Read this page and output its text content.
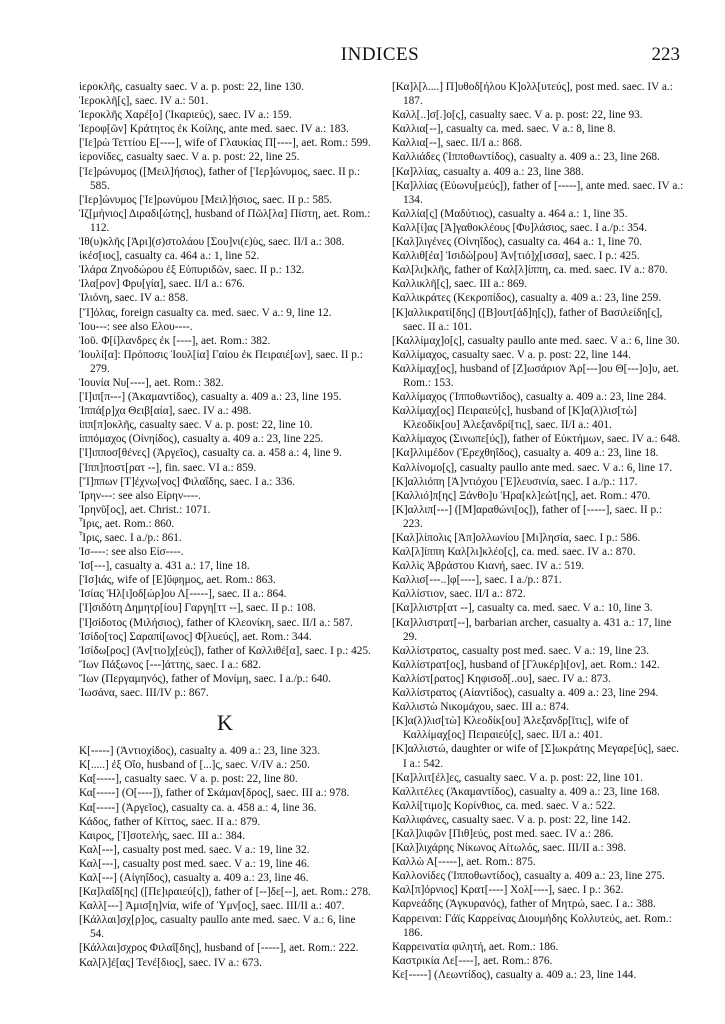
INDICES	223

ἱεροκλῆς, casualty saec. V a. p. post: 22, line 130.

Ἱεροκλῆ[ς], saec. IV a.: 501.

Ἱεροκλῆς Χαρέ[ο] (Ἰκαριεύς), saec. IV a.: 159.

Ἱεροφ[ῶν] Κράτητος ἐκ Κοίλης, ante med. saec. IV a.: 183.

[Ἱε]ρὼ Τεττίου Ε[----], wife of Γλαυκίας Π[----], aet. Rom.: 599.

ἱερονίδες, casualty saec. V a. p. post: 22, line 25.

[Ἱε]ρώνυμος ([Μειλ]ήσιος), father of [Ἱερ]ώνυμος, saec. II p.: 585.

[Ἱερ]ώνυμος [Ἱε]ρωνύμου [Μειλ]ήσιος, saec. II p.: 585.

Ἱζ[μήνιος] Διραδι[ώτης], husband of Πῶλ[λα] Πίστη, aet. Rom.: 112.

Ἰθ(υ)κλῆς [Ἀρι](σ)στολάου [Σου]νι(ε)ὺς, saec. II/I a.: 308.

ἱκέσ[ιος], casualty ca. 464 a.: 1, line 52.

Ἱλάρα Ζηνοδώρου ἐξ Εὐπυριδῶν, saec. II p.: 132.

Ἰλα[ρον] Φρυ[γία], saec. II/I a.: 676.

Ἰλιόνη, saec. IV a.: 858.

[Ἴ]όλας, foreign casualty ca. med. saec. V a.: 9, line 12.

Ἰου---: see also Ελου----.

Ἰοῦ. Φ[ί]λανδρες ἐκ [----], aet. Rom.: 382.

Ἰουλί[α]: Πρόποσις Ἰουλ[ία] Γαίου ἐκ Πειραιέ[ων], saec. II p.: 279.

Ἰουνία Νυ[----], aet. Rom.: 382.

[Ἱ]ιπ[π---] (Ἀκαμαντίδος), casualty a. 409 a.: 23, line 195.

Ἱππά[ρ]χα Θειβ[αία], saec. IV a.: 498.

ἱππ[π]οκλῆς, casualty saec. V a. p. post: 22, line 10.

ἱππόμαχος (Οἰνηίδος), casualty a. 409 a.: 23, line 225.

[Ἱ]ιπποσ[θένες] (Ἀργεῖος), casualty ca. a. 458 a.: 4, line 9.

[Ἱππ]ποστ[ρατ --], fin. saec. VI a.: 859.

[Ἵ]ππων [Τ]έχνω[νος] Φιλαΐδης, saec. I a.: 336.

Ἰρην---: see also Εἰρην----.

Ἰρηνῦ[ος], aet. Christ.: 1071.

Ἶρις, aet. Rom.: 860.

Ἶρις, saec. I a./p.: 861.

Ἰσ----: see also Εἰσ----.

Ἰσ[---], casualty a. 431 a.: 17, line 18.

[Ἰσ]ιάς, wife of [Ε]ὔφημος, aet. Rom.: 863.

Ἰσίας Ἡλ[ι]οδ[ώρ]ου Λ[-----], saec. II a.: 864.

[Ἰ]σιδότη Δημητρ[ίου] Γαργη[ττ --], saec. II p.: 108.

[Ἰ]σίδοτος (Μιλήσιος), father of Κλεονίκη, saec. II/I a.: 587.

Ἰσίδο[τος] Σαραπί[ωνος] Φ[λυεύς], aet. Rom.: 344.

Ἰσίδω[ρος] (Ἀν[τιο]χ[εύς]), father of Καλλιθέ[α], saec. I p.: 425.

Ἴων Πάξωνος [---]άττης, saec. I a.: 682.

Ἴων (Περγαμηνός), father of Μονίμη, saec. I a./p.: 640.

Ἰωσάνα, saec. III/IV p.: 867.

K

Κ[-----] (Ἀντιοχίδος), casualty a. 409 a.: 23, line 323.

Κ[.....] ἐξ Οἴο, husband of [...]ς, saec. V/IV a.: 250.

Κα[-----], casualty saec. V a. p. post: 22, line 80.

Κα[-----] (Ο[----]), father of Σκάμαν[δρος], saec. III a.: 978.

Κα[-----] (Ἀργεῖος), casualty ca. a. 458 a.: 4, line 36.

Κάδος, father of Κίττος, saec. II a.: 879.

Καιρος, [Ἰ]σοτελής, saec. III a.: 384.

Καλ[---], casualty post med. saec. V a.: 19, line 32.

Καλ[---], casualty post med. saec. V a.: 19, line 46.

Καλ[---] (Αἰγηΐδος), casualty a. 409 a.: 23, line 46.

[Κα]λαΐδ[ης] ([Πε]ιραιεύ[ς]), father of [--]δε[--], aet. Rom.: 278.

Καλλ[---] Ἀμισ[η]νία, wife of Ὑμν[ος], saec. III/II a.: 407.

[Κάλλαι]σχ[ρ]ος, casualty paullo ante med. saec. V a.: 6, line 54.

[Κάλλαι]σχρος Φιλαΐ[δης], husband of [-----], aet. Rom.: 222.

Καλ[λ]έ[ας] Τενέ[διος], saec. IV a.: 673.

[Κα]λ[λ....] Π]υθοδ[ήλου Κ]ολλ[υτεύς], post med. saec. IV a.: 187.

Καλλ[..]σ[.]ο[ς], casualty saec. V a. p. post: 22, line 93.

Καλλια[--], casualty ca. med. saec. V a.: 8, line 8.

Καλλια[--], saec. II/I a.: 868.

Καλλιάδες (Ἱπποθωντίδος), casualty a. 409 a.: 23, line 268.

[Κα]λλίας, casualty a. 409 a.: 23, line 388.

[Κα]λλίας (Εὐωνυ[μεύς]), father of [-----], ante med. saec. IV a.: 134.

Καλλία[ς] (Μαδύτιος), casualty a. 464 a.: 1, line 35.

Καλλ[ί]ας [Ἀ]γαθοκλέους [Φυ]λάσιος, saec. I a./p.: 354.

[Καλ]λιγένες (Οἰνηΐδος), casualty ca. 464 a.: 1, line 70.

Καλλιθ[έα] Ἰσιδώ[ρου] Ἀν[τιό]χ[ισσα], saec. I p.: 425.

Καλ[λι]κλῆς, father of Καλ[λ]ίππη, ca. med. saec. IV a.: 870.

Καλλικλῆ[ς], saec. III a.: 869.

Καλλικράτες (Κεκροπίδος), casualty a. 409 a.: 23, line 259.

[Κ]αλλικρατί[δης] ([Β]ουτ[άδ]η[ς]), father of Βασιλείδη[ς], saec. II a.: 101.

[Καλλίμαχ]ο[ς], casualty paullo ante med. saec. V a.: 6, line 30.

Καλλίμαχος, casualty saec. V a. p. post: 22, line 144.

Καλλίμαχ[ος], husband of [Ζ]ωσάριον Ἀρ[---]ου Θ[---]ο]υ, aet. Rom.: 153.

Καλλίμαχος (Ἱπποθωντίδος), casualty a. 409 a.: 23, line 284.

Καλλίμαχ[ος] Πειραιεύ[ς], husband of [Κ]α(λ)λισ[τὼ] Κλεοδίκ[ου] Ἀλεξανδρί[τις], saec. II/I a.: 401.

Καλλίμαχος (Σινωπε[ύς]), father of Εὐκτήμων, saec. IV a.: 648.

[Κα]λλιμέδον (Ἐρεχθηΐδος), casualty a. 409 a.: 23, line 18.

Καλλίνομο[ς], casualty paullo ante med. saec. V a.: 6, line 17.

[Κ]αλλιόπη [Ἀ]ντιόχου [Ἐ]λευσινία, saec. I a./p.: 117.

[Καλλιό]π[ης] Ξάνθο]υ Ἡρα[κλ]εώτ[ης], aet. Rom.: 470.

[Κ]αλλιπ[---] ([Μ]αραθώνι[ος]), father of [-----], saec. II p.: 223.

[Καλ]λίπολις [Ἀπ]ολλωνίου [Μι]λησία, saec. I p.: 586.

Καλ[λ]ίππη Καλ[λι]κλέο[ς], ca. med. saec. IV a.: 870.

Καλλὶς Ἀβράστου Κιανή, saec. IV a.: 519.

Καλλισ[---..]φ[----], saec. I a./p.: 871.

Καλλίστιον, saec. II/I a.: 872.

[Κα]λλιστρ[ατ --], casualty ca. med. saec. V a.: 10, line 3.

[Κα]λλιστρατ[--], barbarian archer, casualty a. 431 a.: 17, line 29.

Καλλίστρατος, casualty post med. saec. V a.: 19, line 23.

Καλλίστρατ[ος], husband of [Γλυκέρ]ι[ον], aet. Rom.: 142.

Καλλίστ[ρατος] Κηφισοδ[..ου], saec. IV a.: 873.

Καλλίστρατος (Αἰαντίδος), casualty a. 409 a.: 23, line 294.

Καλλιστὼ Νικομάχου, saec. III a.: 874.

[Κ]α(λ)λισ[τὼ] Κλεοδίκ[ου] Ἀλεξανδρ[ῖτις], wife of Καλλίμαχ[ος] Πειραιεύ[ς], saec. II/I a.: 401.

[Κ]αλλιστώ, daughter or wife of [Σ]ωκράτης Μεγαρε[ύς], saec. I a.: 542.

[Κα]λλιτ[έλ]ες, casualty saec. V a. p. post: 22, line 101.

Καλλιτέλες (Ἀκαμαντίδος), casualty a. 409 a.: 23, line 168.

Καλλί[τιμο]ς Κορίνθιος, ca. med. saec. V a.: 522.

Καλλιφάνες, casualty saec. V a. p. post: 22, line 142.

[Καλ]λιφῶν [Πιθ]εύς, post med. saec. IV a.: 286.

[Καλ]λιχάρης Νίκωνος Αἰτωλός, saec. III/II a.: 398.

Καλλὼ Α[-----], aet. Rom.: 875.

Καλλονίδες (Ἱπποθωντίδος), casualty a. 409 a.: 23, line 275.

Καλ[π]όρνιος] Κρατ[----] Χολ[----], saec. I p.: 362.

Καρνεάδης (Ἀγκυρανός), father of Μητρώ, saec. I a.: 388.

Καρρειναι: Γάϊς Καρρείνας Διουμήδης Κολλυτεύς, aet. Rom.: 186.

Καρρεινατία φιλητή, aet. Rom.: 186.

Καστρικία Λε[----], aet. Rom.: 876.

Κε[-----] (Λεωντίδος), casualty a. 409 a.: 23, line 144.
